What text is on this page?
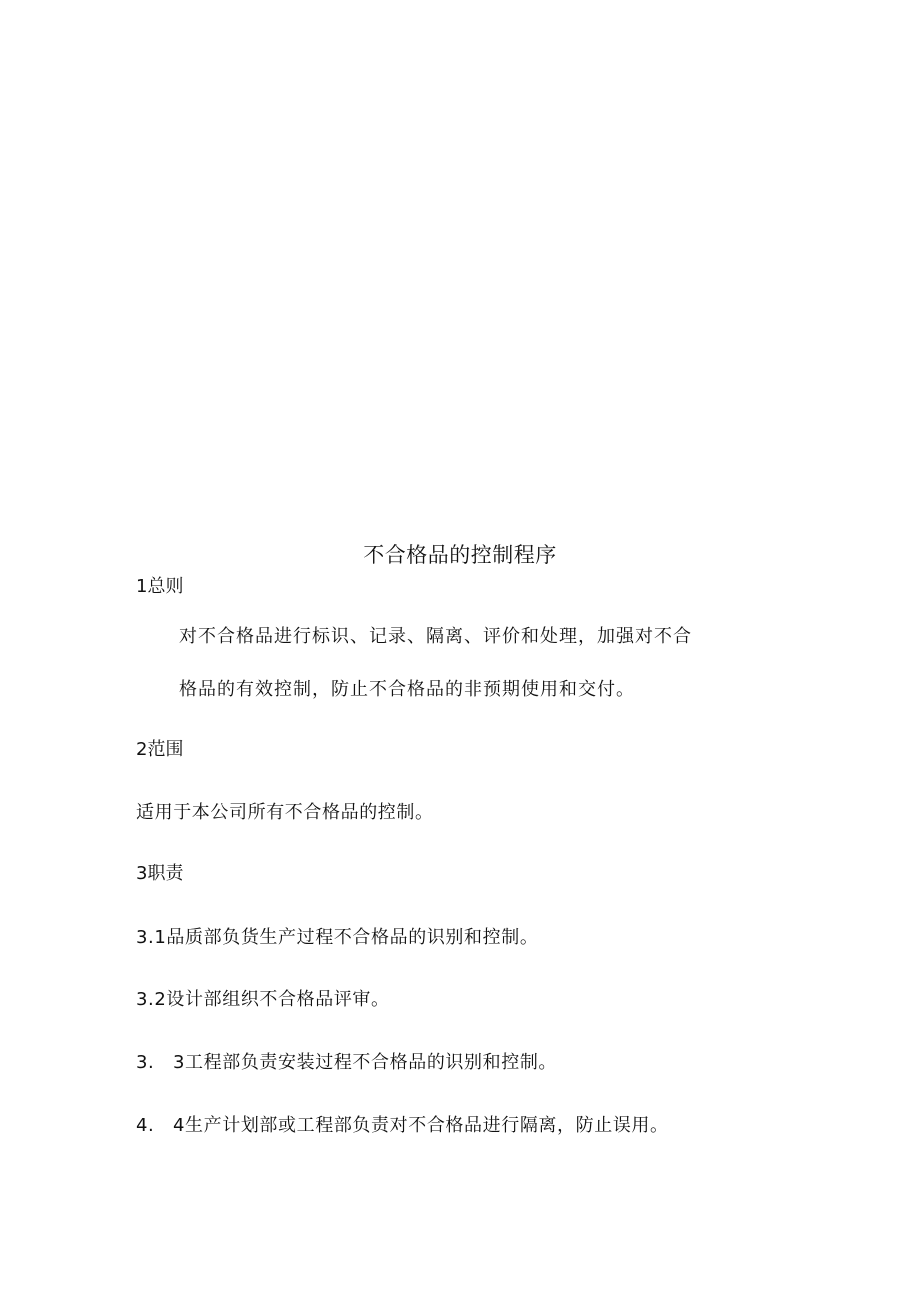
不合格品的控制程序
1总则
对不合格品进行标识、记录、隔离、评价和处理，加强对不合
格品的有效控制，防止不合格品的非预期使用和交付。
2范围
适用于本公司所有不合格品的控制。
3职责
3.1品质部负货生产过程不合格品的识别和控制。
3.2设计部组织不合格品评审。
3.　3工程部负责安装过程不合格品的识别和控制。
4.　4生产计划部或工程部负责对不合格品进行隔离，防止误用。
